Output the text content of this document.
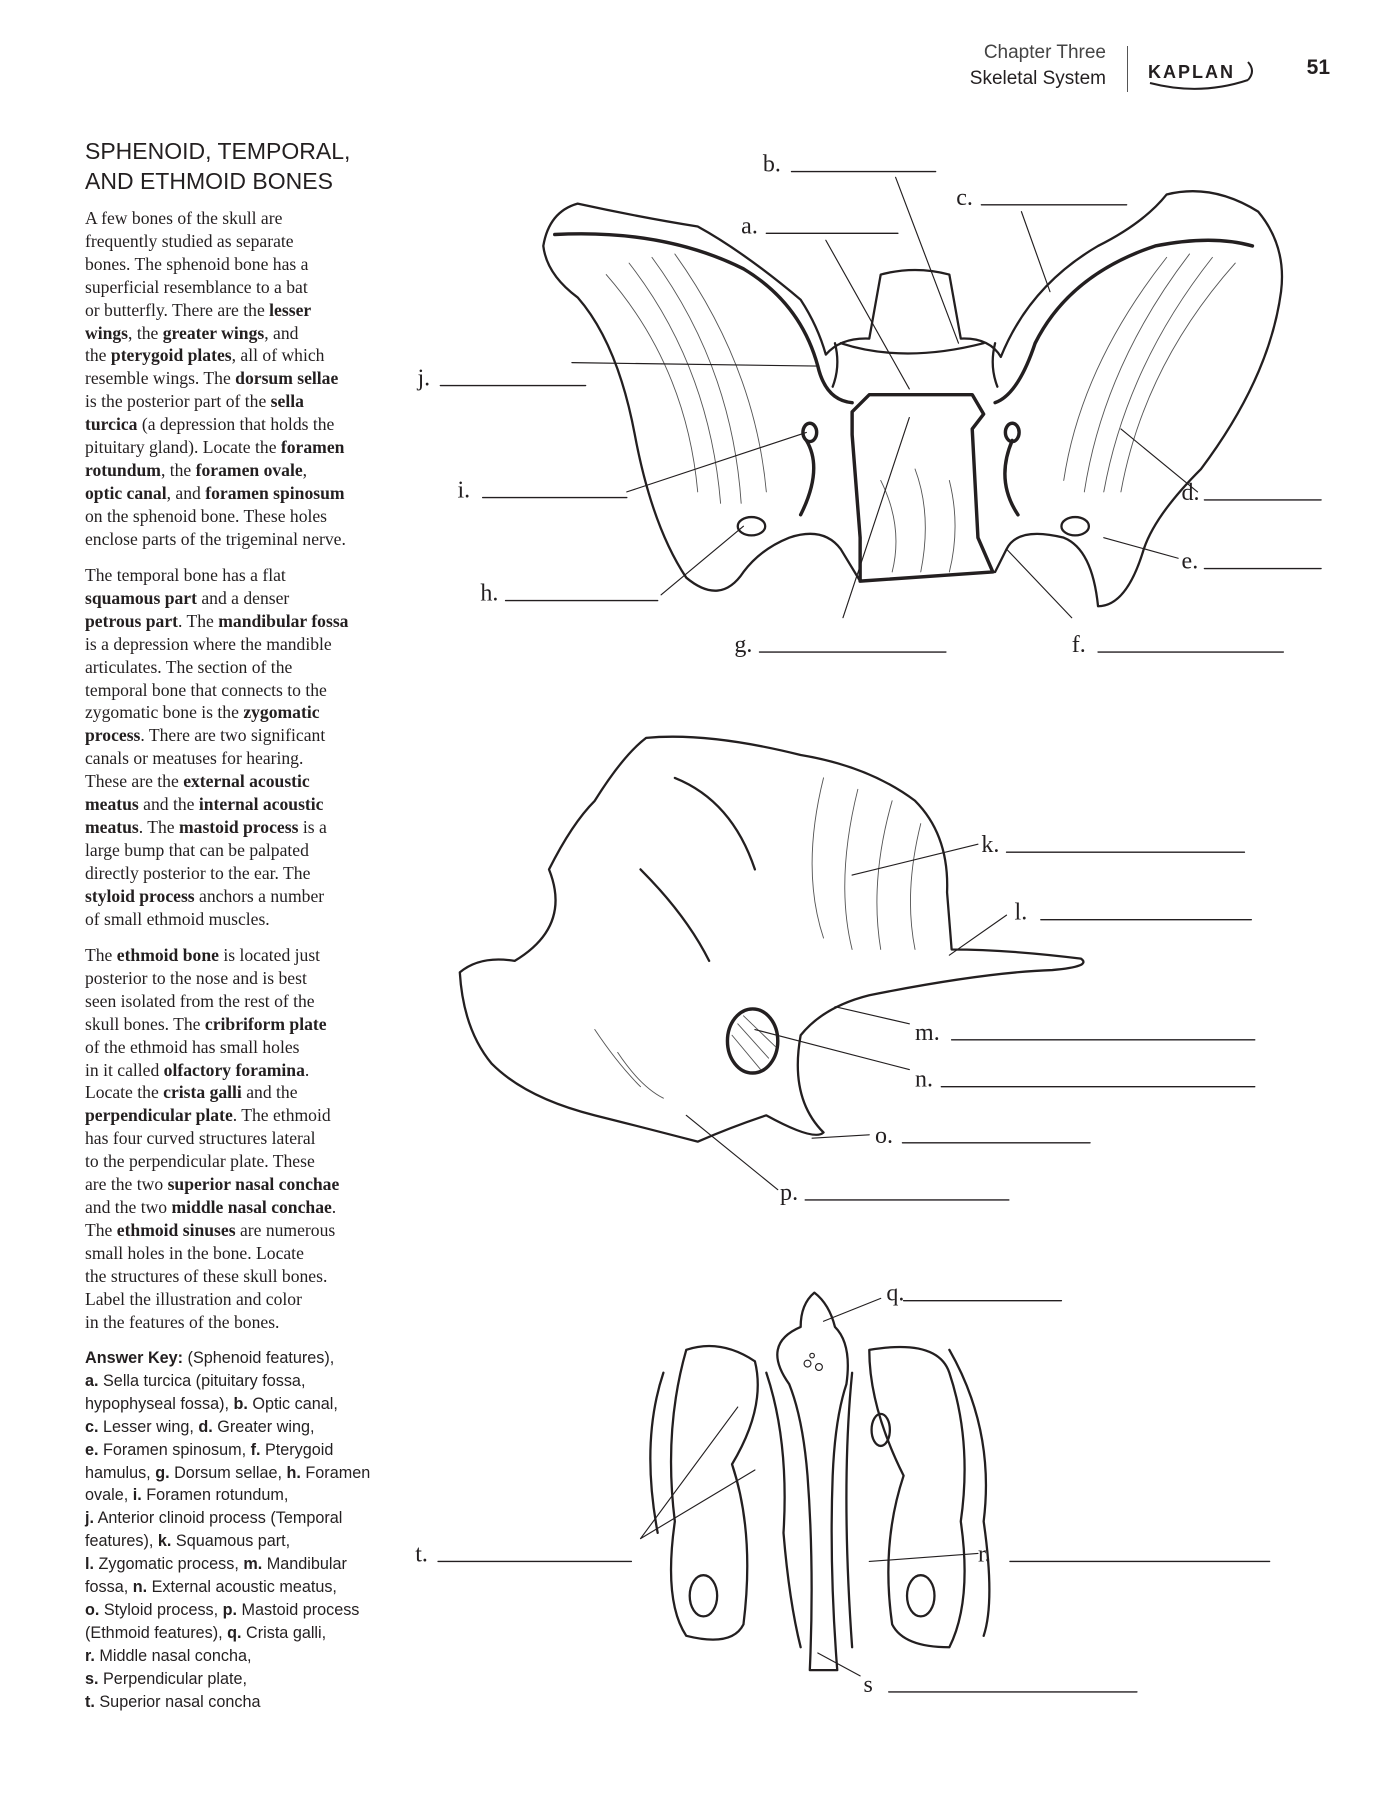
Chapter Three
Skeletal System KAPLAN	51
SPHENOID, TEMPORAL,
AND ETHMOID BONES
A few bones of the skull are
frequently studied as separate
bones. The sphenoid bone has a
superficial resemblance to a bat
or butterfly. There are the lesser
wings, the greater wings, and
the pterygoid plates, all of which
resemble wings. The dorsum sellae
is the posterior part of the sella
turcica (a depression that holds the
pituitary gland). Locate the foramen
rotundum, the foramen ovale,
optic canal, and foramen spinosum
on the sphenoid bone. These holes
enclose parts of the trigeminal nerve.
The temporal bone has a flat
squamous part and a denser
petrous part. The mandibular fossa
is a depression where the mandible
articulates. The section of the
temporal bone that connects to the
zygomatic bone is the zygomatic
process. There are two significant
canals or meatuses for hearing.
These are the external acoustic
meatus and the internal acoustic
meatus. The mastoid process is a
large bump that can be palpated
directly posterior to the ear. The
styloid process anchors a number
of small ethmoid muscles.
The ethmoid bone is located just
posterior to the nose and is best
seen isolated from the rest of the
skull bones. The cribriform plate
of the ethmoid has small holes
in it called olfactory foramina.
Locate the crista galli and the
perpendicular plate. The ethmoid
has four curved structures lateral
to the perpendicular plate. These
are the two superior nasal conchae
and the two middle nasal conchae.
The ethmoid sinuses are numerous
small holes in the bone. Locate
the structures of these skull bones.
Label the illustration and color
in the features of the bones.
Answer Key: (Sphenoid features),
a. Sella turcica (pituitary fossa,
hypophyseal fossa), b. Optic canal,
c. Lesser wing, d. Greater wing,
e. Foramen spinosum, f. Pterygoid
hamulus, g. Dorsum sellae, h. Foramen
ovale, i. Foramen rotundum,
j. Anterior clinoid process (Temporal
features), k. Squamous part,
l. Zygomatic process, m. Mandibular
fossa, n. External acoustic meatus,
o. Styloid process, p. Mastoid process
(Ethmoid features), q. Crista galli,
r. Middle nasal concha,
s. Perpendicular plate,
t. Superior nasal concha
a.
b.
c.
d.
e.
f.
g.
h.
i.
j.
k.
l.
m.
n.
o.
p.
q.
r.
s
t.
